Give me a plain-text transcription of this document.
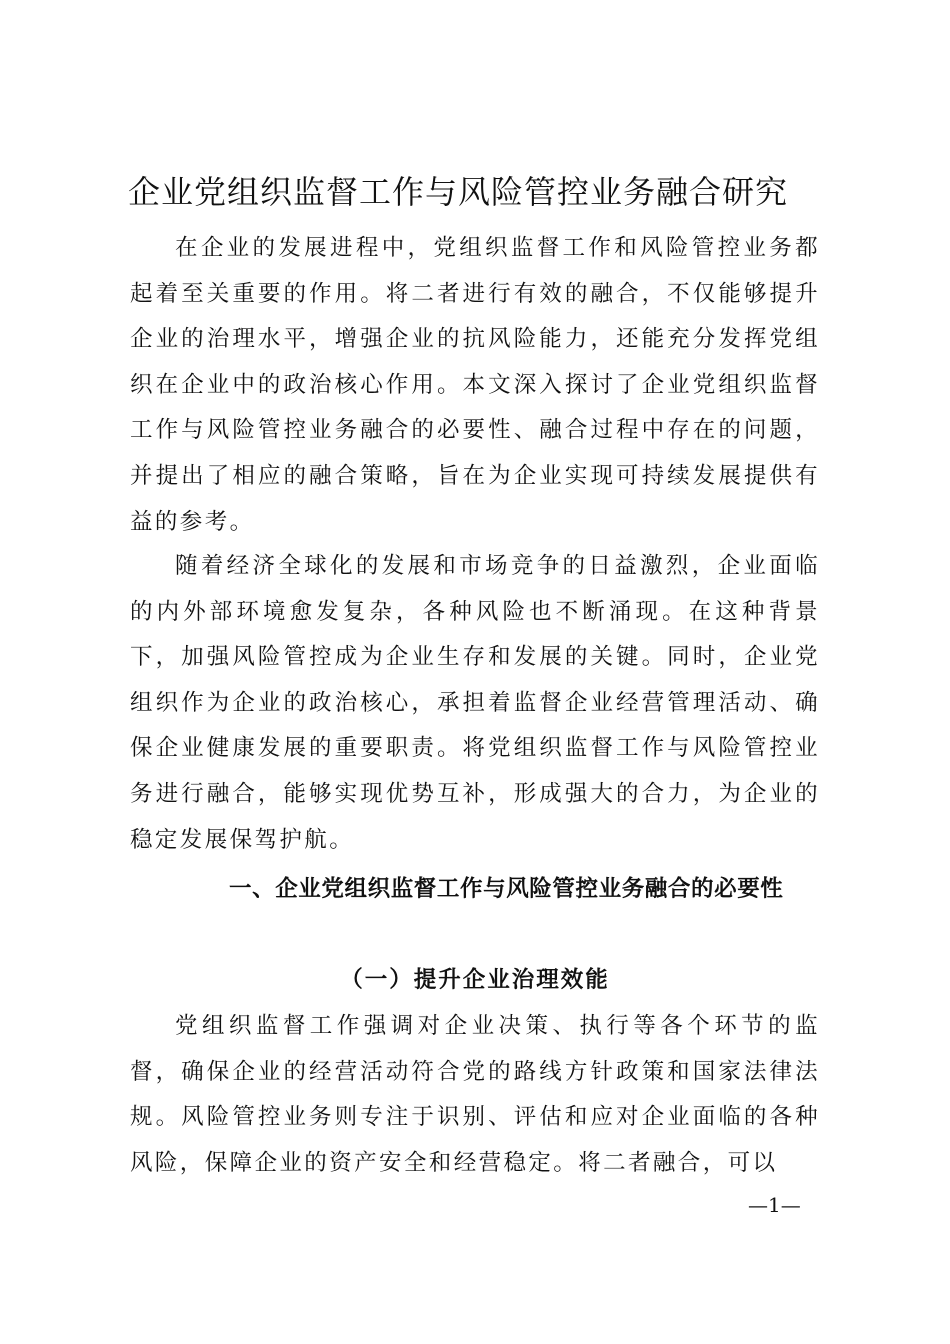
企业党组织监督工作与风险管控业务融合研究

在企业的发展进程中，党组织监督工作和风险管控业务都起着至关重要的作用。将二者进行有效的融合，不仅能够提升企业的治理水平，增强企业的抗风险能力，还能充分发挥党组织在企业中的政治核心作用。本文深入探讨了企业党组织监督工作与风险管控业务融合的必要性、融合过程中存在的问题，并提出了相应的融合策略，旨在为企业实现可持续发展提供有益的参考。

随着经济全球化的发展和市场竞争的日益激烈，企业面临的内外部环境愈发复杂，各种风险也不断涌现。在这种背景下，加强风险管控成为企业生存和发展的关键。同时，企业党组织作为企业的政治核心，承担着监督企业经营管理活动、确保企业健康发展的重要职责。将党组织监督工作与风险管控业务进行融合，能够实现优势互补，形成强大的合力，为企业的稳定发展保驾护航。

一、企业党组织监督工作与风险管控业务融合的必要性
（一）提升企业治理效能

党组织监督工作强调对企业决策、执行等各个环节的监督，确保企业的经营活动符合党的路线方针政策和国家法律法规。风险管控业务则专注于识别、评估和应对企业面临的各种风险，保障企业的资产安全和经营稳定。将二者融合，可以

—1—
